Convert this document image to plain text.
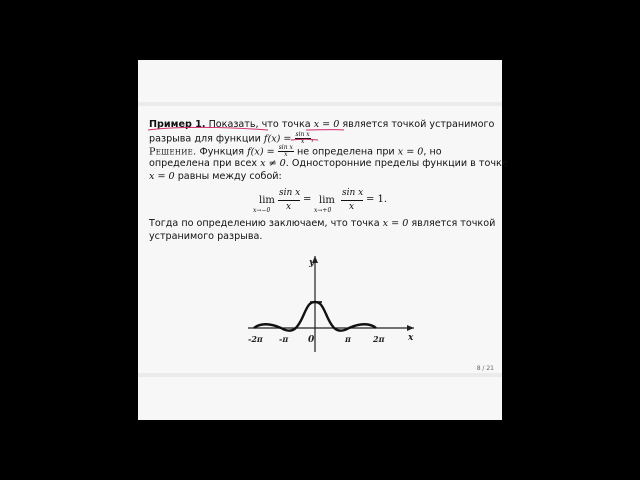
Пример 1. Показать, что точка x = 0 является точкой устранимого
разрыва для функции $f(x) = \frac{\text{sin x}}{x}$ .
Решение. Функция $f(x) = \frac{\text{sin x}}{x}$ не определена при x = 0, но
определена при всех x ≠ 0. Односторонние пределы функции в точке
x = 0 равны между собой:
lim
x→−0
sin x
x
= lim
x→+0
sin x
x
= 1.
Тогда по определению заключаем, что точка x = 0 является точкой
устранимого разрыва.
y
x
0
-2π -π	π	2π
8 / 21
